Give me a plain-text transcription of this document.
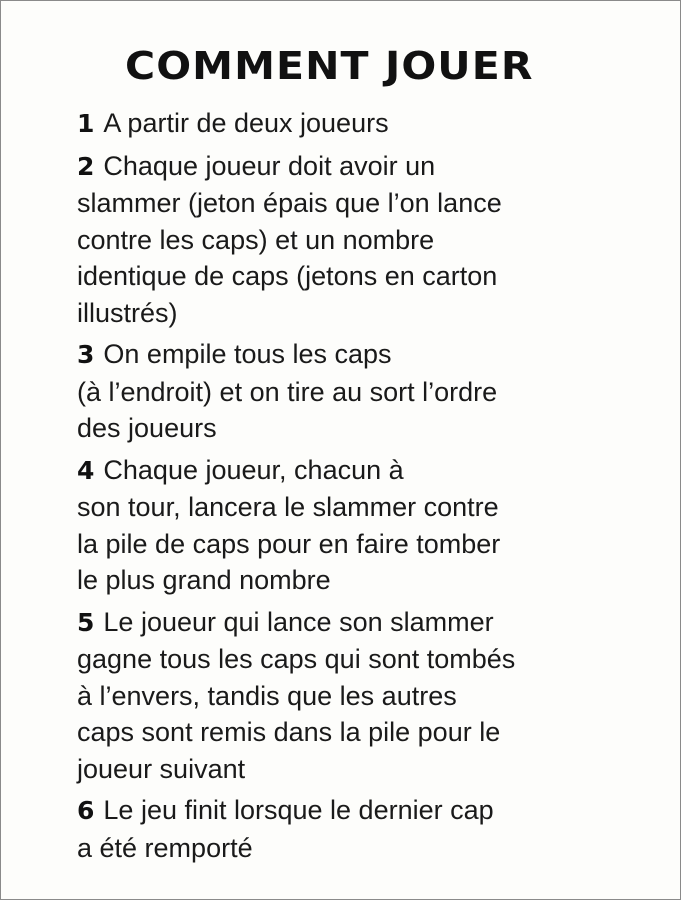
COMMENT JOUER
1 A partir de deux joueurs
2 Chaque joueur doit avoir un
slammer (jeton épais que l’on lance
contre les caps) et un nombre
identique de caps (jetons en carton
illustrés)
3 On empile tous les caps
(à l’endroit) et on tire au sort l’ordre
des joueurs
4 Chaque joueur, chacun à
son tour, lancera le slammer contre
la pile de caps pour en faire tomber
le plus grand nombre
5 Le joueur qui lance son slammer
gagne tous les caps qui sont tombés
à l’envers, tandis que les autres
caps sont remis dans la pile pour le
joueur suivant
6 Le jeu finit lorsque le dernier cap
a été remporté
